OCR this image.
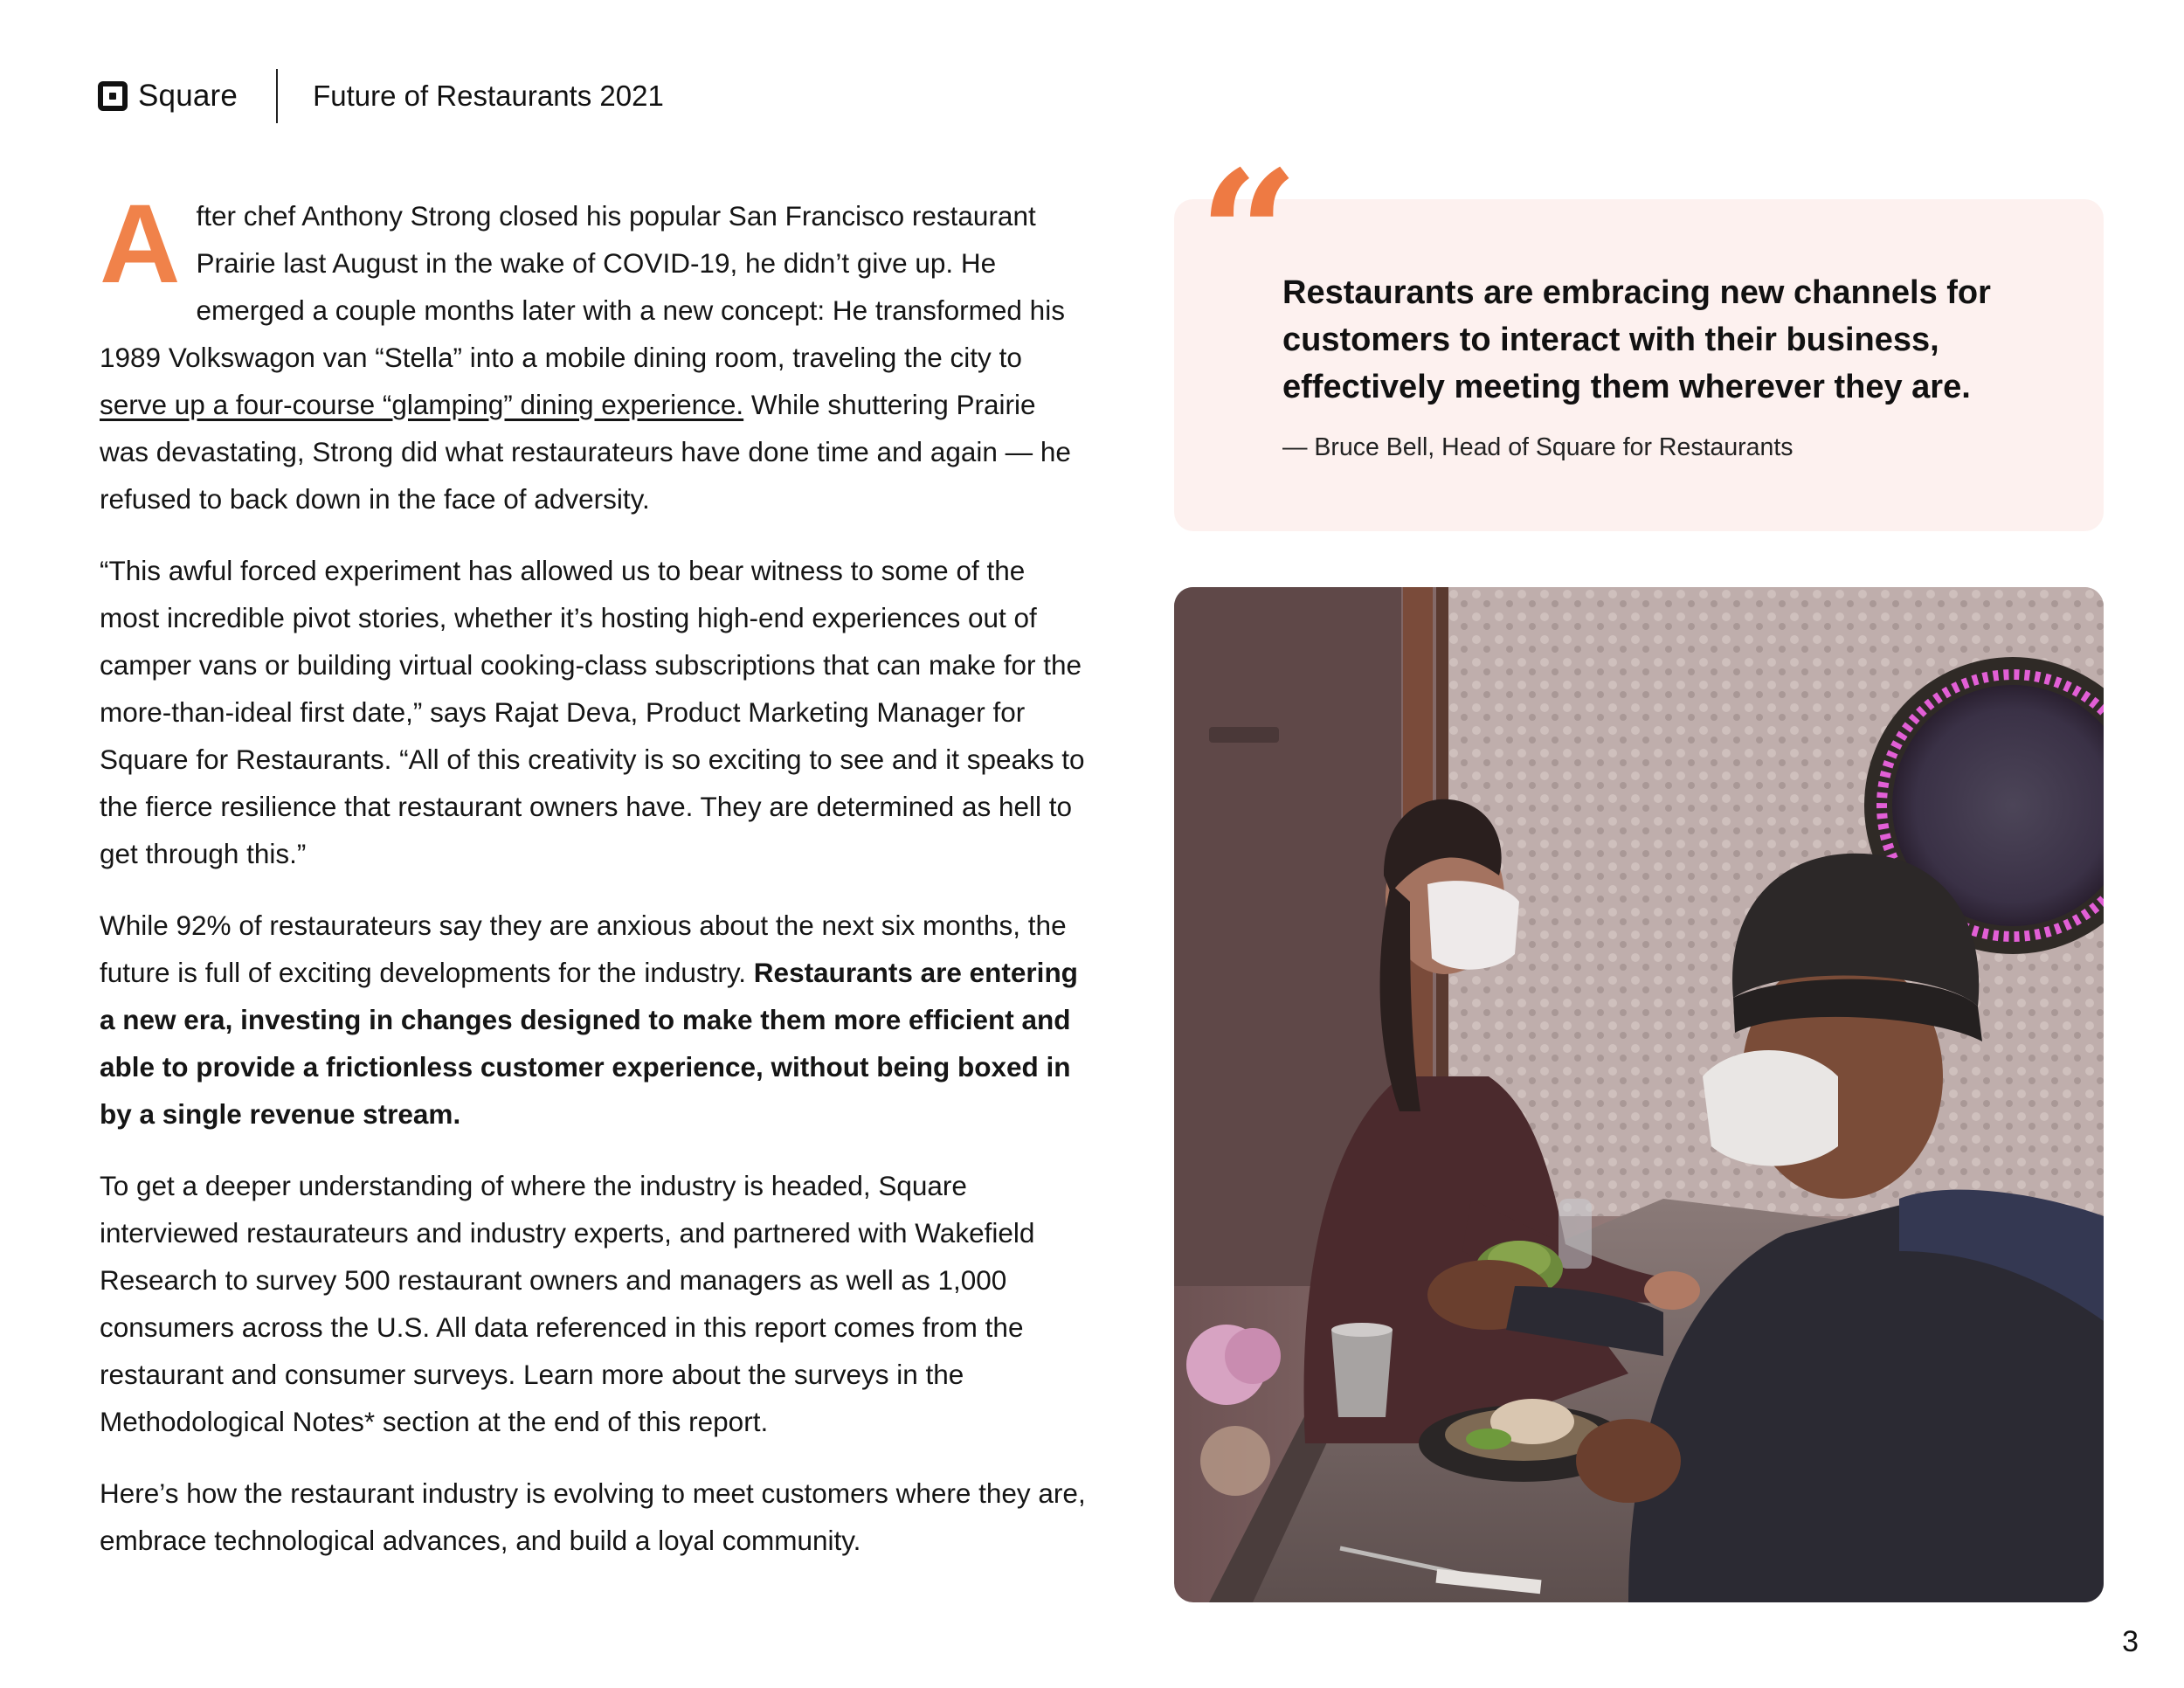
Square	Future of Restaurants 2021

After chef Anthony Strong closed his popular San Francisco restaurant Prairie last August in the wake of COVID-19, he didn’t give up. He emerged a couple months later with a new concept: He transformed his 1989 Volkswagon van “Stella” into a mobile dining room, traveling the city to serve up a four-course “glamping” dining experience. While shuttering Prairie was devastating, Strong did what restaurateurs have done time and again — he refused to back down in the face of adversity.

“This awful forced experiment has allowed us to bear witness to some of the most incredible pivot stories, whether it’s hosting high-end experiences out of camper vans or building virtual cooking-class subscriptions that can make for the more-than-ideal first date,” says Rajat Deva, Product Marketing Manager for Square for Restaurants. “All of this creativity is so exciting to see and it speaks to the fierce resilience that restaurant owners have. They are determined as hell to get through this.”

While 92% of restaurateurs say they are anxious about the next six months, the future is full of exciting developments for the industry. Restaurants are entering a new era, investing in changes designed to make them more efficient and able to provide a frictionless customer experience, without being boxed in by a single revenue stream.

To get a deeper understanding of where the industry is headed, Square interviewed restaurateurs and industry experts, and partnered with Wakefield Research to survey 500 restaurant owners and managers as well as 1,000 consumers across the U.S. All data referenced in this report comes from the restaurant and consumer surveys. Learn more about the surveys in the Methodological Notes* section at the end of this report.

Here’s how the restaurant industry is evolving to meet customers where they are, embrace technological advances, and build a loyal community.

Restaurants are embracing new channels for customers to interact with their business, effectively meeting them wherever they are.
— Bruce Bell, Head of Square for Restaurants
“
3
